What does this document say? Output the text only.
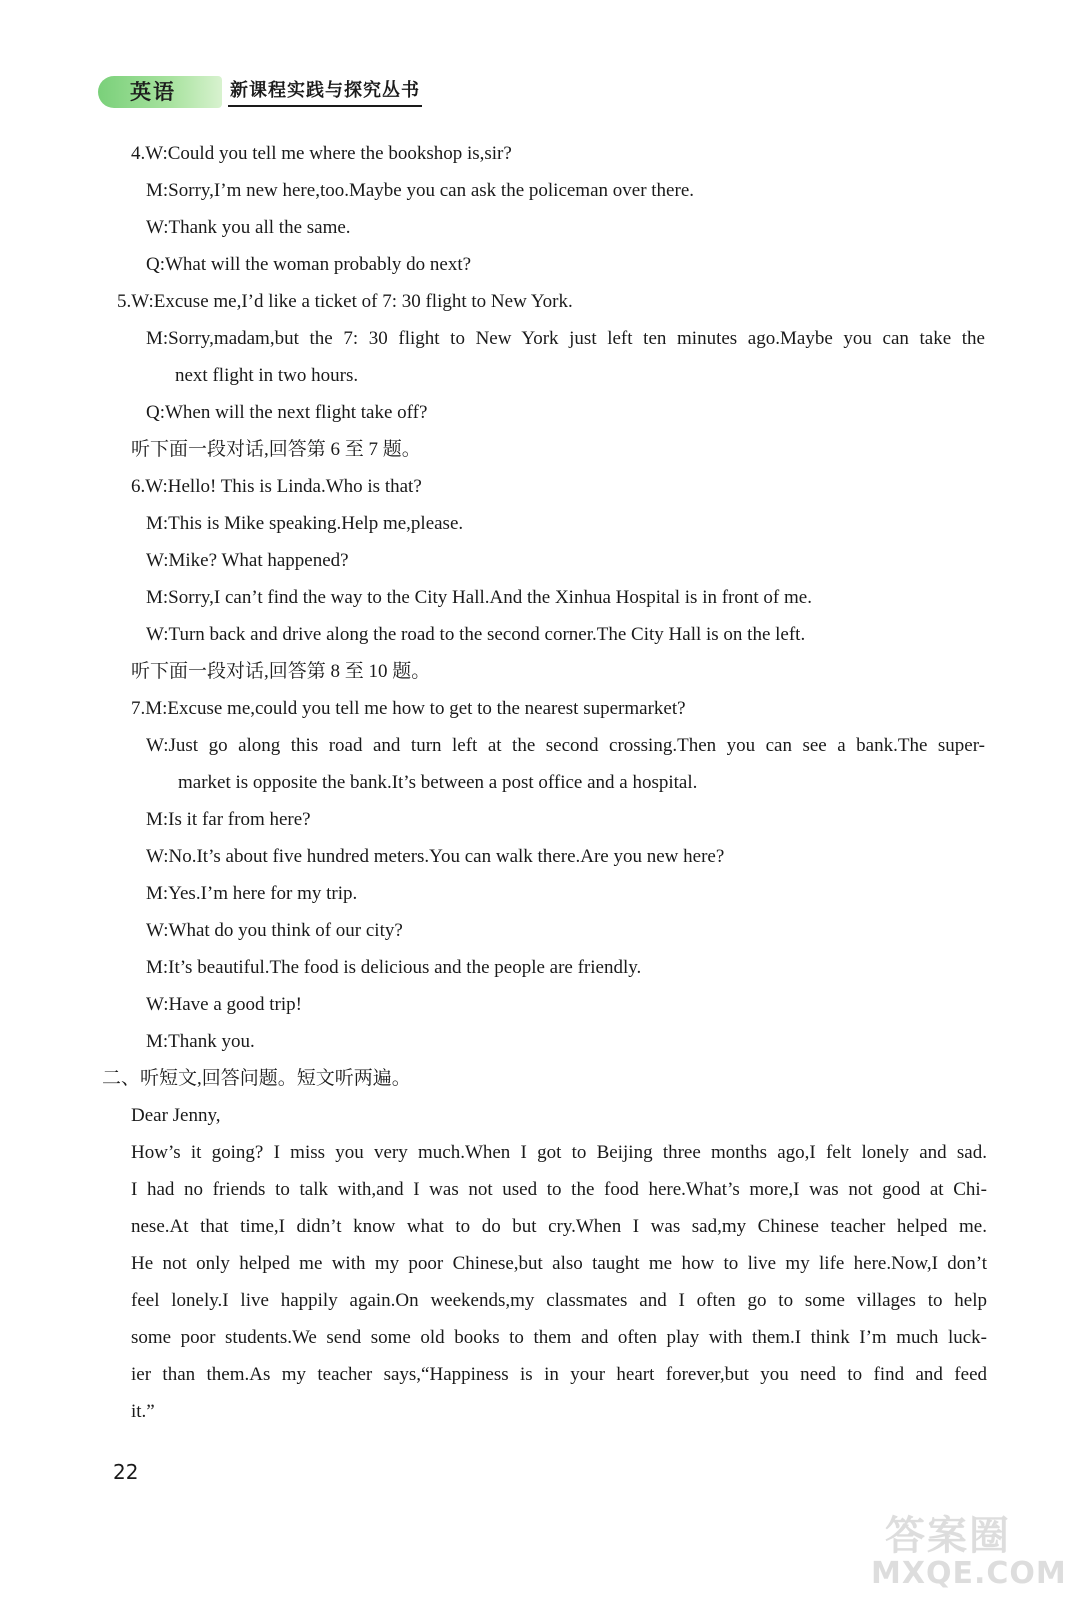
英语	新课程实践与探究丛书
4.W:Could you tell me where the bookshop is,sir?
M:Sorry,I’m new here,too.Maybe you can ask the policeman over there.
W:Thank you all the same.
Q:What will the woman probably do next?
5.W:Excuse me,I’d like a ticket of 7: 30 flight to New York.
M:Sorry,madam,but the 7: 30 flight to New York just left ten minutes ago.Maybe you can take the
next flight in two hours.
Q:When will the next flight take off?
听下面一段对话,回答第 6 至 7 题。
6.W:Hello! This is Linda.Who is that?
M:This is Mike speaking.Help me,please.
W:Mike? What happened?
M:Sorry,I can’t find the way to the City Hall.And the Xinhua Hospital is in front of me.
W:Turn back and drive along the road to the second corner.The City Hall is on the left.
听下面一段对话,回答第 8 至 10 题。
7.M:Excuse me,could you tell me how to get to the nearest supermarket?
W:Just go along this road and turn left at the second crossing.Then you can see a bank.The super-
market is opposite the bank.It’s between a post office and a hospital.
M:Is it far from here?
W:No.It’s about five hundred meters.You can walk there.Are you new here?
M:Yes.I’m here for my trip.
W:What do you think of our city?
M:It’s beautiful.The food is delicious and the people are friendly.
W:Have a good trip!
M:Thank you.
二、听短文,回答问题。短文听两遍。
Dear Jenny,
How’s it going? I miss you very much.When I got to Beijing three months ago,I felt lonely and sad.
I had no friends to talk with,and I was not used to the food here.What’s more,I was not good at Chi-
nese.At that time,I didn’t know what to do but cry.When I was sad,my Chinese teacher helped me.
He not only helped me with my poor Chinese,but also taught me how to live my life here.Now,I don’t
feel lonely.I live happily again.On weekends,my classmates and I often go to some villages to help
some poor students.We send some old books to them and often play with them.I think I’m much luck-
ier than them.As my teacher says,“Happiness is in your heart forever,but you need to find and feed
it.”
22
答案圈
MXQE.COM
